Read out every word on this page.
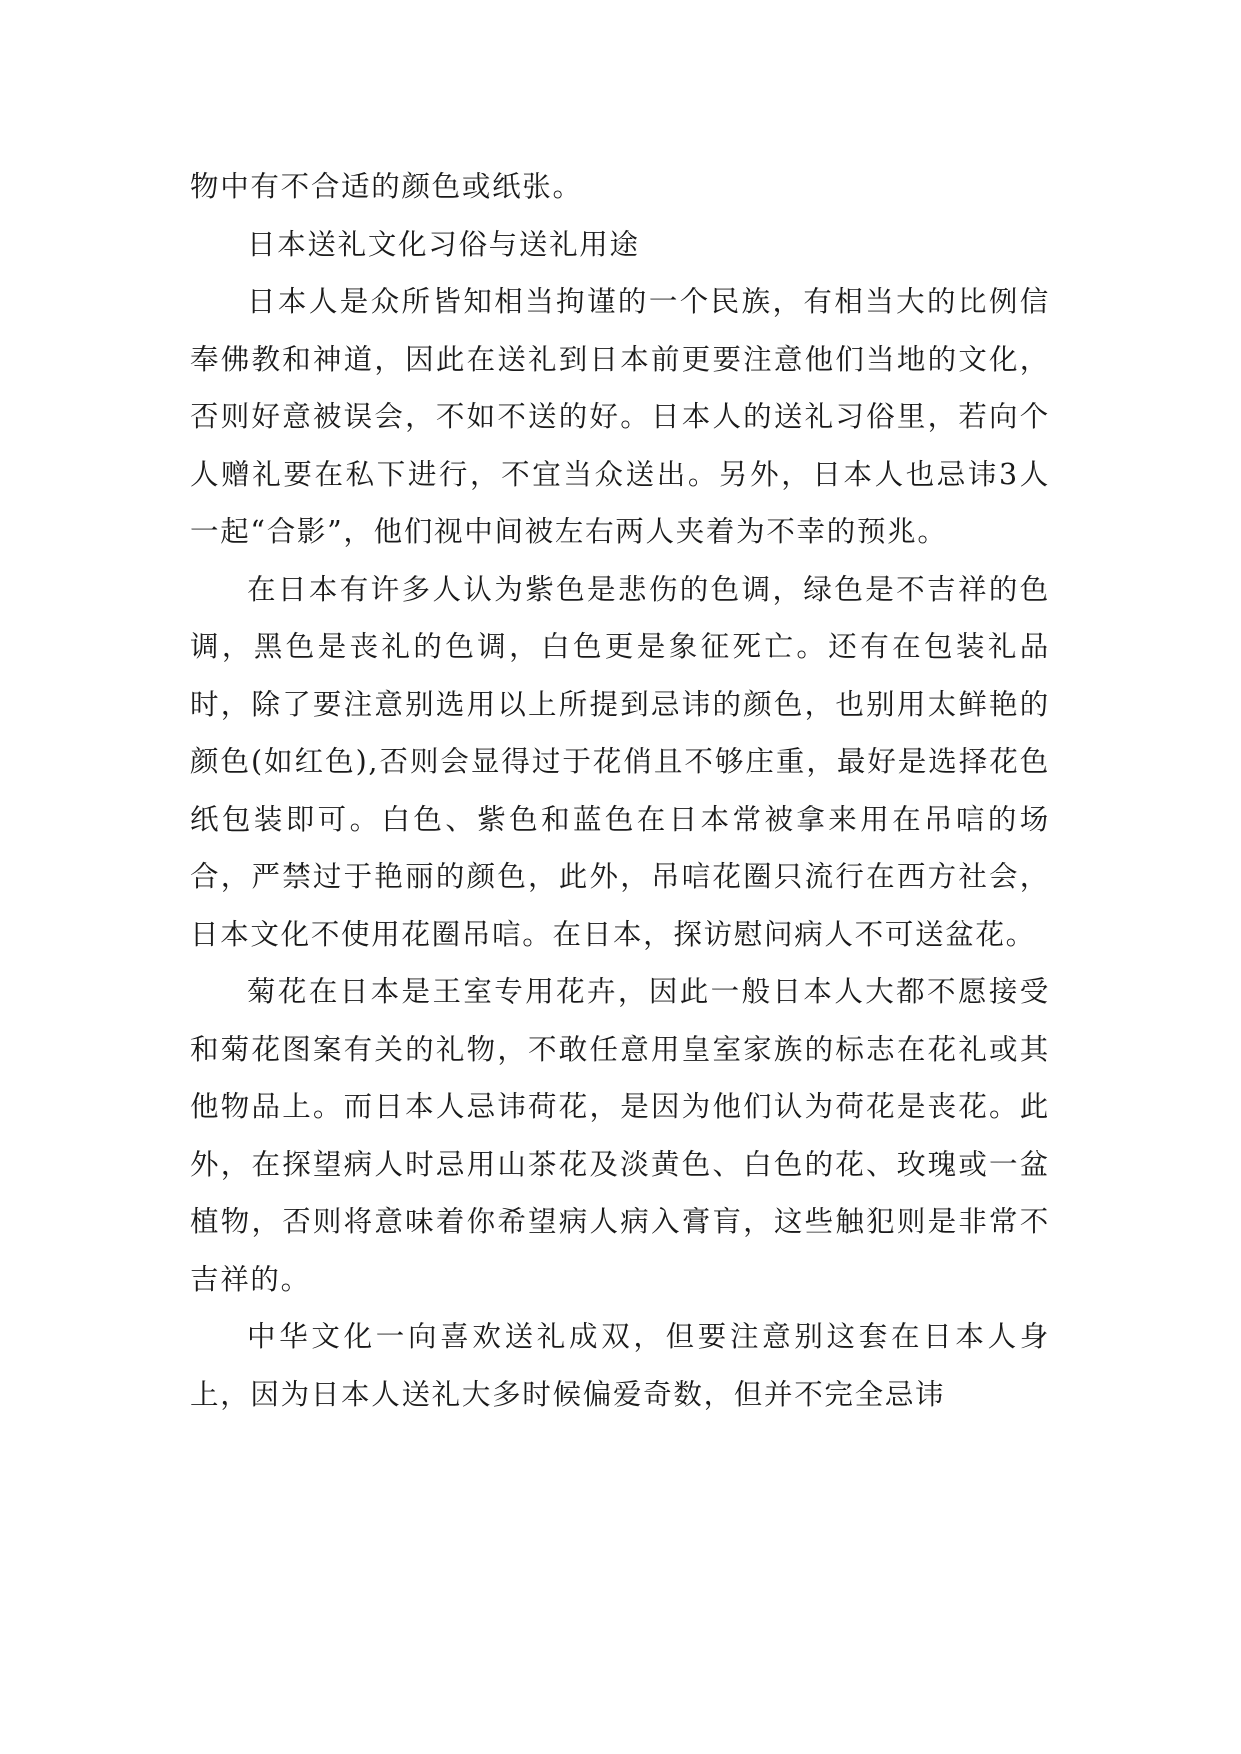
物中有不合适的颜色或纸张。

日本送礼文化习俗与送礼用途

日本人是众所皆知相当拘谨的一个民族，有相当大的比例信奉佛教和神道，因此在送礼到日本前更要注意他们当地的文化，否则好意被误会，不如不送的好。日本人的送礼习俗里，若向个人赠礼要在私下进行，不宜当众送出。另外，日本人也忌讳3人一起“合影”，他们视中间被左右两人夹着为不幸的预兆。

在日本有许多人认为紫色是悲伤的色调，绿色是不吉祥的色调，黑色是丧礼的色调，白色更是象征死亡。还有在包装礼品时，除了要注意别选用以上所提到忌讳的颜色，也别用太鲜艳的颜色(如红色),否则会显得过于花俏且不够庄重，最好是选择花色纸包装即可。白色、紫色和蓝色在日本常被拿来用在吊唁的场合，严禁过于艳丽的颜色，此外，吊唁花圈只流行在西方社会，日本文化不使用花圈吊唁。在日本，探访慰问病人不可送盆花。

菊花在日本是王室专用花卉，因此一般日本人大都不愿接受和菊花图案有关的礼物，不敢任意用皇室家族的标志在花礼或其他物品上。而日本人忌讳荷花，是因为他们认为荷花是丧花。此外，在探望病人时忌用山茶花及淡黄色、白色的花、玫瑰或一盆植物，否则将意味着你希望病人病入膏肓，这些触犯则是非常不吉祥的。

中华文化一向喜欢送礼成双，但要注意别这套在日本人身上，因为日本人送礼大多时候偏爱奇数，但并不完全忌讳
